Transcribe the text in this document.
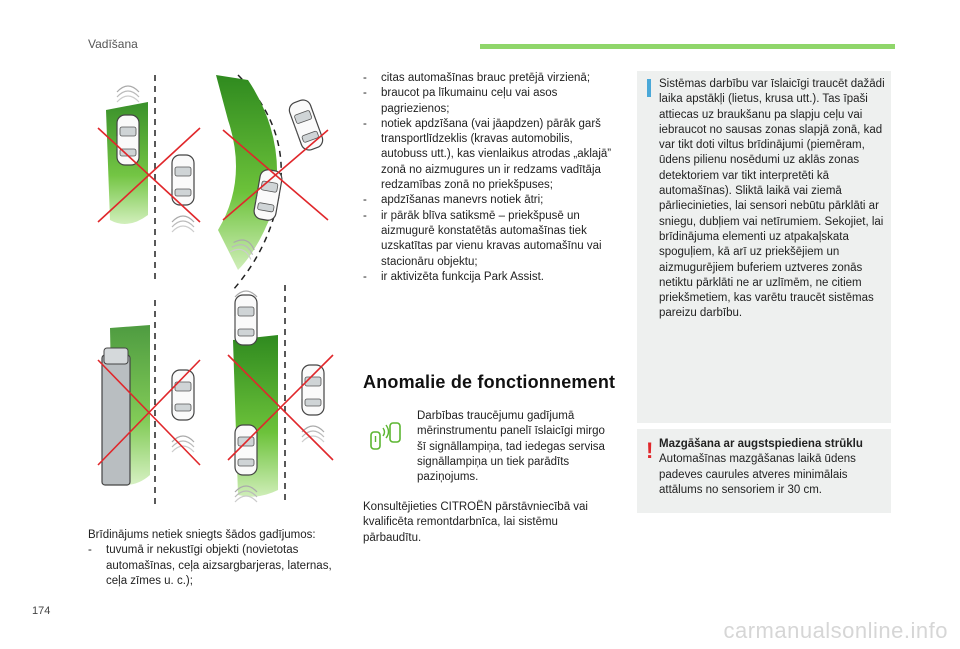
Vadīšana
Brīdinājums netiek sniegts šādos gadījumos:
- tuvumā ir nekustīgi objekti (novietotas automašīnas, ceļa aizsargbarjeras, laternas, ceļa zīmes u. c.);
- citas automašīnas brauc pretējā virzienā;
- braucot pa līkumainu ceļu vai asos pagriezienos;
- notiek apdzīšana (vai jāapdzen) pārāk garš transportlīdzeklis (kravas automobilis, autobuss utt.), kas vienlaikus atrodas „aklajā” zonā no aizmugures un ir redzams vadītāja redzamības zonā no priekšpuses;
- apdzīšanas manevrs notiek ātri;
- ir pārāk blīva satiksmē – priekšpusē un aizmugurē konstatētās automašīnas tiek uzskatītas par vienu kravas automašīnu vai stacionāru objektu;
- ir aktivizēta funkcija Park Assist.
Anomalie de fonctionnement
Darbības traucējumu gadījumā mērinstrumentu panelī īslaicīgi mirgo šī signāllampiņa, tad iedegas servisa signāllampiņa un tiek parādīts paziņojums.
Konsultējieties CITROËN pārstāvniecībā vai kvalificēta remontdarbnīca, lai sistēmu pārbaudītu.
Sistēmas darbību var īslaicīgi traucēt dažādi laika apstākļi (lietus, krusa utt.). Tas īpaši attiecas uz braukšanu pa slapju ceļu vai iebraucot no sausas zonas slapjā zonā, kad var tikt doti viltus brīdinājumi (piemēram, ūdens pilienu nosēdumi uz aklās zonas detektoriem var tikt interpretēti kā automašīnas). Sliktā laikā vai ziemā pārliecinieties, lai sensori nebūtu pārklāti ar sniegu, dubļiem vai netīrumiem. Sekojiet, lai brīdinājuma elementi uz atpakaļskata spoguļiem, kā arī uz priekšējiem un aizmugurējiem buferiem uztveres zonās netiktu pārklāti ne ar uzlīmēm, ne citiem priekšmetiem, kas varētu traucēt sistēmas pareizu darbību.
! Mazgāšana ar augstspiediena strūklu
Automašīnas mazgāšanas laikā ūdens padeves caurules atveres minimālais attālums no sensoriem ir 30 cm.
174
carmanualsonline.info
